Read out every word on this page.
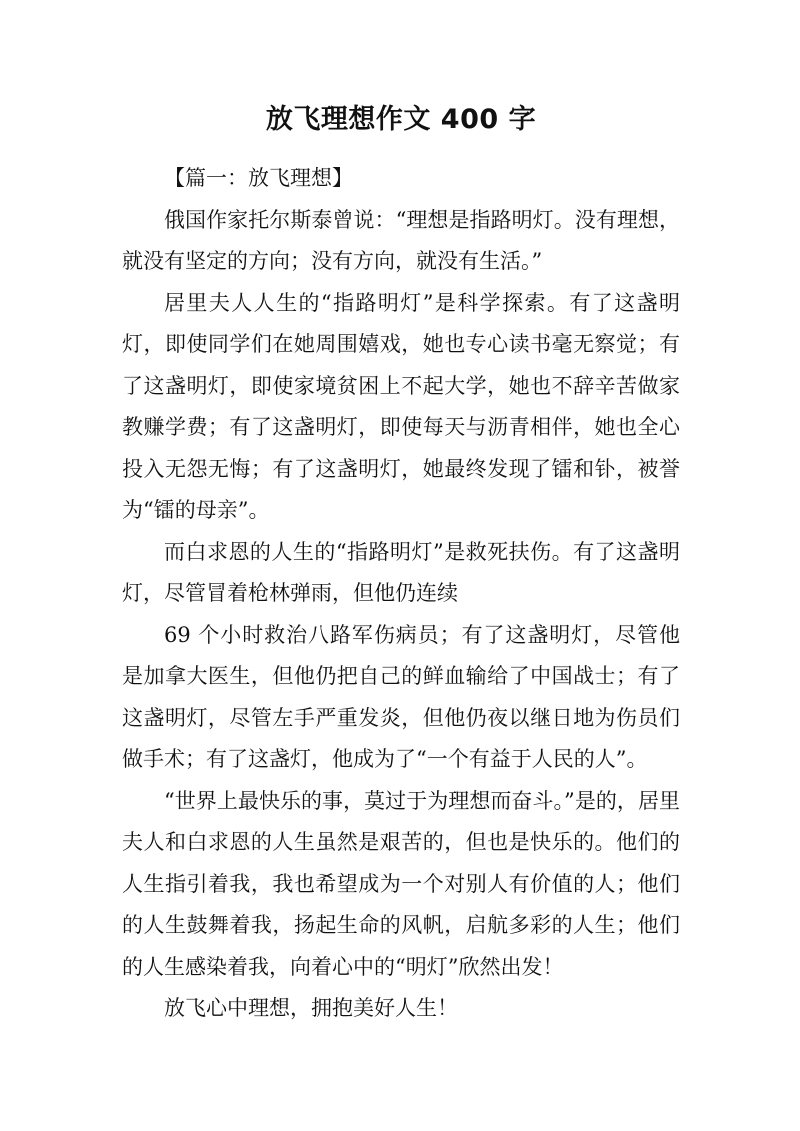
放飞理想作文 400 字

【篇一：放飞理想】

俄国作家托尔斯泰曾说：“理想是指路明灯。没有理想，就没有坚定的方向；没有方向，就没有生活。”

居里夫人人生的“指路明灯”是科学探索。有了这盏明灯，即使同学们在她周围嬉戏，她也专心读书毫无察觉；有了这盏明灯，即使家境贫困上不起大学，她也不辞辛苦做家教赚学费；有了这盏明灯，即使每天与沥青相伴，她也全心投入无怨无悔；有了这盏明灯，她最终发现了镭和钋，被誉为“镭的母亲”。

而白求恩的人生的“指路明灯”是救死扶伤。有了这盏明灯，尽管冒着枪林弹雨，但他仍连续

69 个小时救治八路军伤病员；有了这盏明灯，尽管他是加拿大医生，但他仍把自己的鲜血输给了中国战士；有了这盏明灯，尽管左手严重发炎，但他仍夜以继日地为伤员们做手术；有了这盏灯，他成为了“一个有益于人民的人”。

“世界上最快乐的事，莫过于为理想而奋斗。”是的，居里夫人和白求恩的人生虽然是艰苦的，但也是快乐的。他们的人生指引着我，我也希望成为一个对别人有价值的人；他们的人生鼓舞着我，扬起生命的风帆，启航多彩的人生；他们的人生感染着我，向着心中的“明灯”欣然出发！

放飞心中理想，拥抱美好人生！
